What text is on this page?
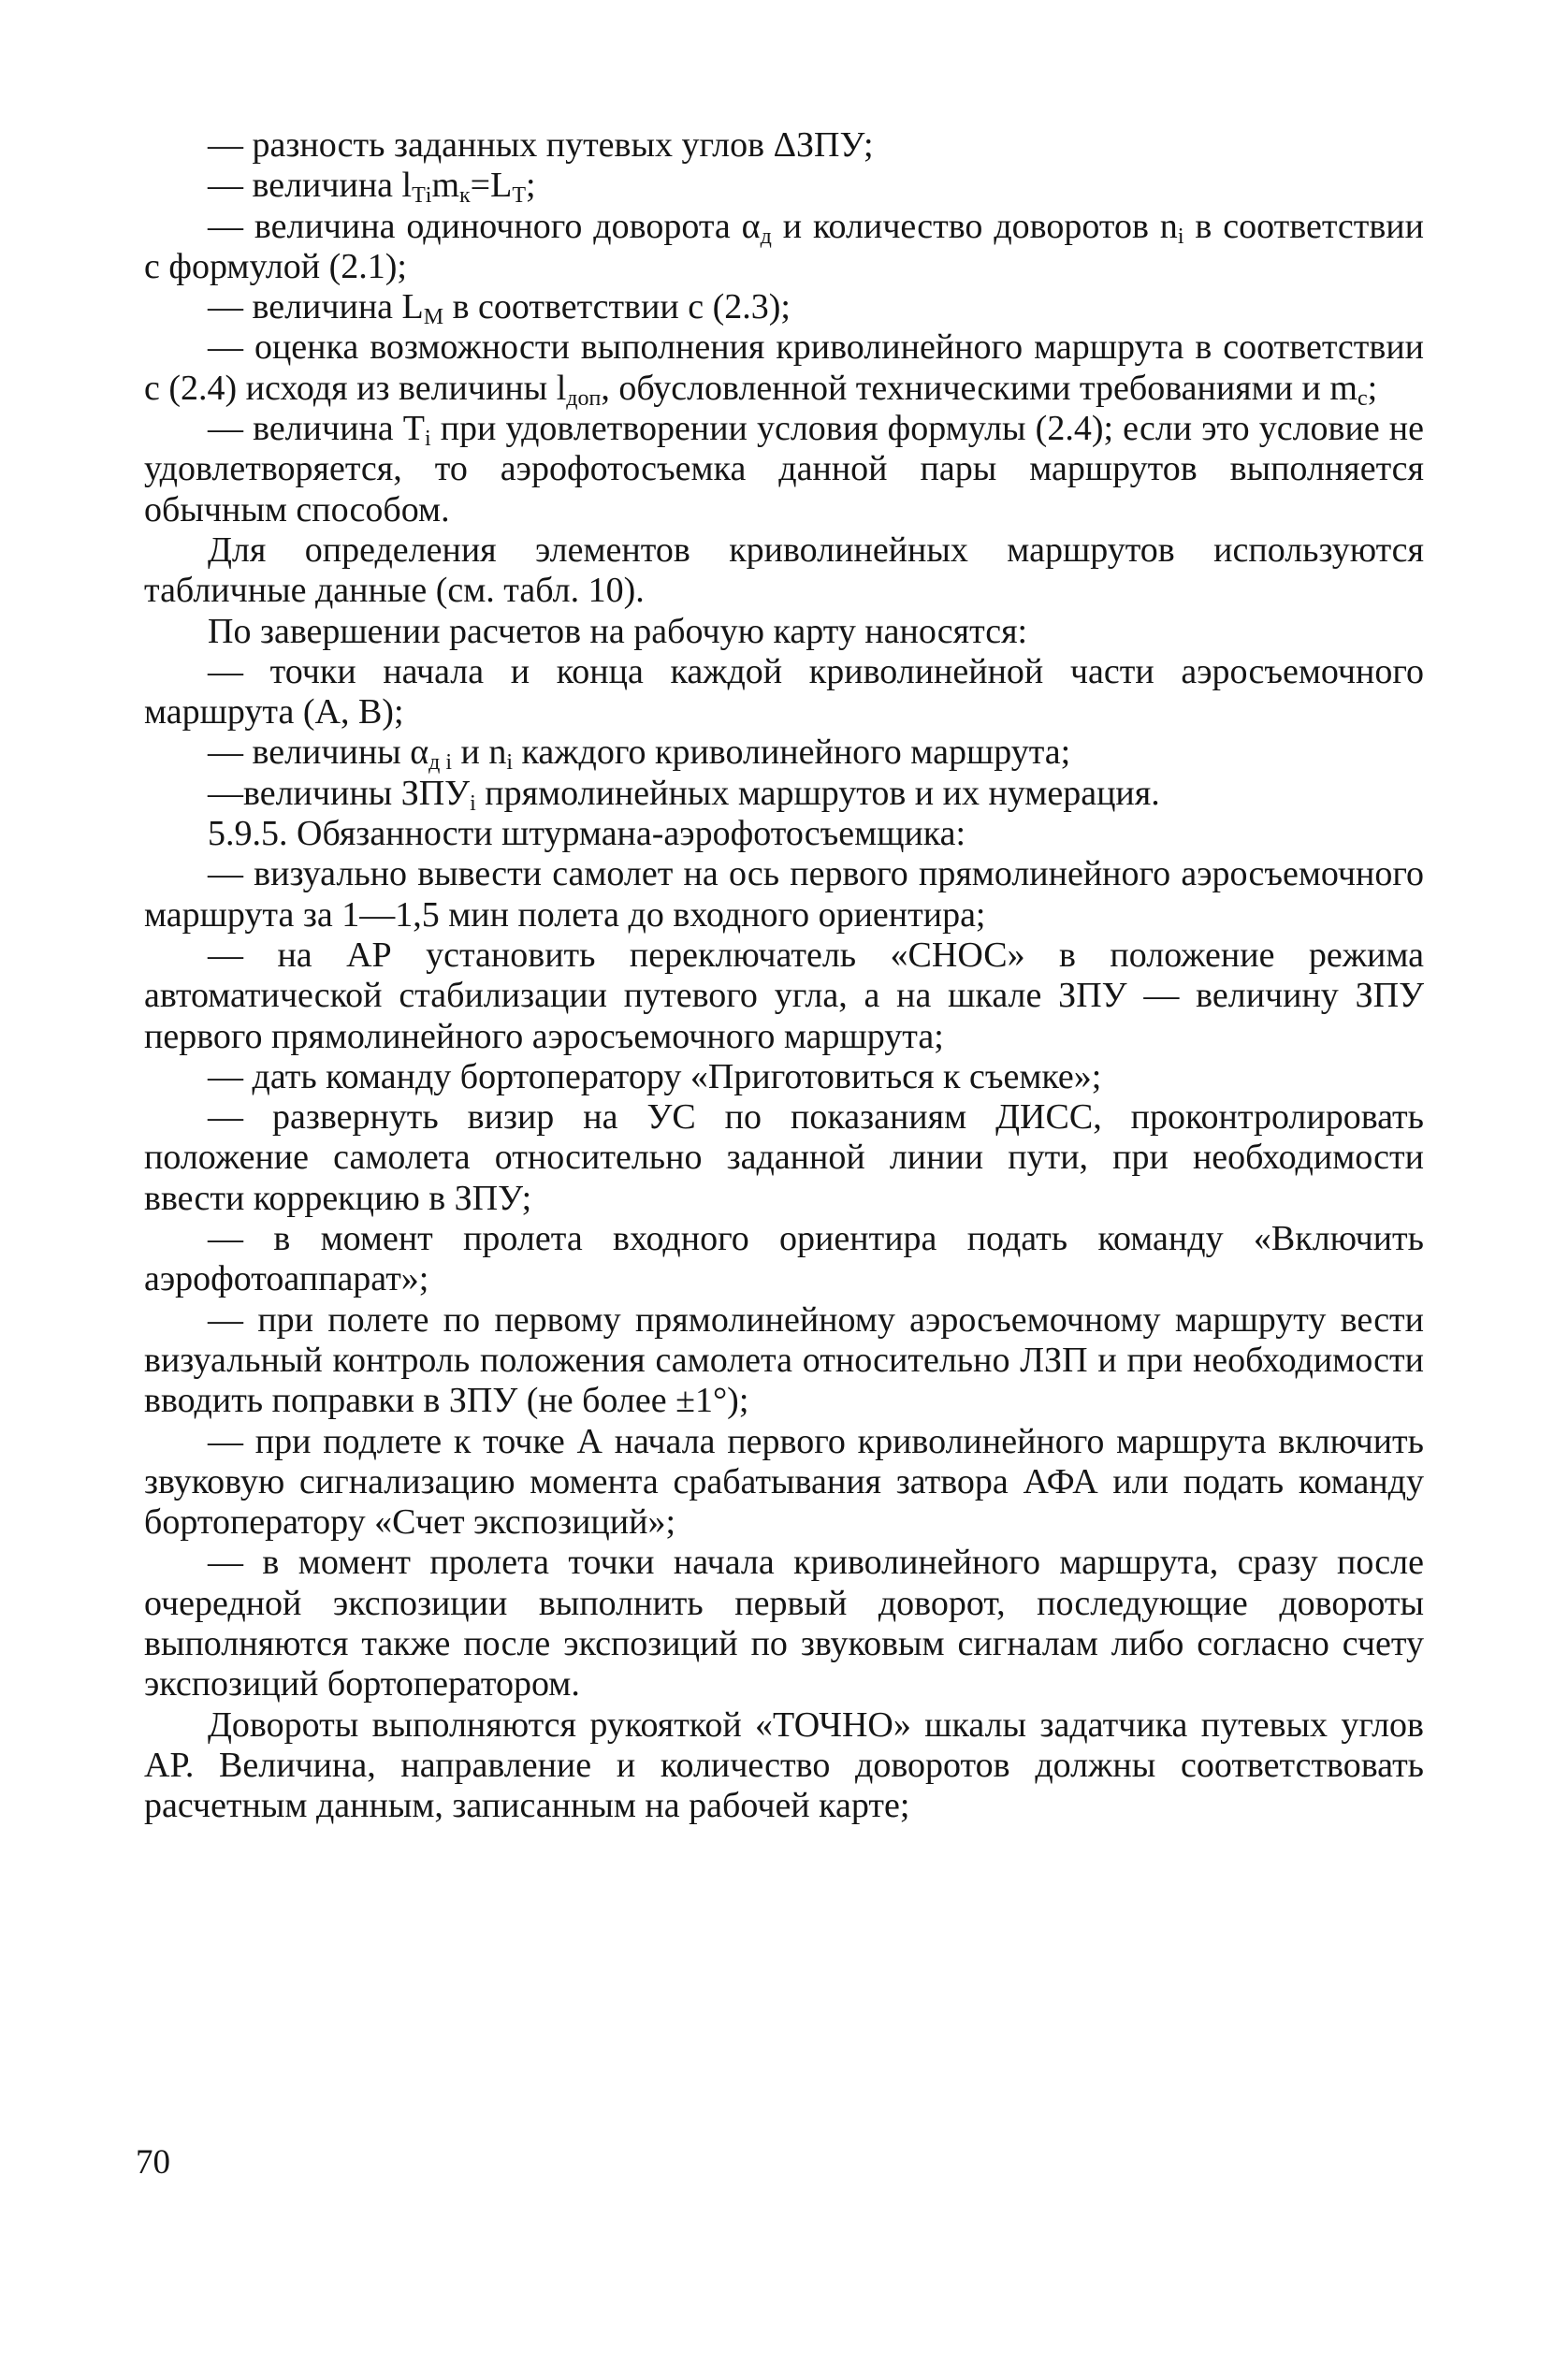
— разность заданных путевых углов ΔЗПУ;

— величина $l_{Тi}m_к=L_Т$;

— величина одиночного доворота $\alpha_д$ и количество доворотов $n_i$ в соответствии с формулой (2.1);

— величина $L_М$ в соответствии с (2.3);

— оценка возможности выполнения криволинейного маршрута в соответствии с (2.4) исходя из величины $l_{доп}$, обусловленной техническими требованиями и $m_с$;

— величина $T_i$ при удовлетворении условия формулы (2.4); если это условие не удовлетворяется, то аэрофотосъемка данной пары маршрутов выполняется обычным способом.

Для определения элементов криволинейных маршрутов используются табличные данные (см. табл. 10).

По завершении расчетов на рабочую карту наносятся:

— точки начала и конца каждой криволинейной части аэросъемочного маршрута (А, В);

— величины $\alpha_{д i}$ и $n_i$ каждого криволинейного маршрута;

—величины $ЗПУ_i$ прямолинейных маршрутов и их нумерация.

5.9.5. Обязанности штурмана-аэрофотосъемщика:

— визуально вывести самолет на ось первого прямолинейного аэросъемочного маршрута за 1—1,5 мин полета до входного ориентира;

— на АР установить переключатель «СНОС» в положение режима автоматической стабилизации путевого угла, а на шкале ЗПУ — величину ЗПУ первого прямолинейного аэросъемочного маршрута;

— дать команду бортоператору «Приготовиться к съемке»;

— развернуть визир на УС по показаниям ДИСС, проконтролировать положение самолета относительно заданной линии пути, при необходимости ввести коррекцию в ЗПУ;

— в момент пролета входного ориентира подать команду «Включить аэрофотоаппарат»;

— при полете по первому прямолинейному аэросъемочному маршруту вести визуальный контроль положения самолета относительно ЛЗП и при необходимости вводить поправки в ЗПУ (не более ±1°);

— при подлете к точке А начала первого криволинейного маршрута включить звуковую сигнализацию момента срабатывания затвора АФА или подать команду бортоператору «Счет экспозиций»;

— в момент пролета точки начала криволинейного маршрута, сразу после очередной экспозиции выполнить первый доворот, последующие довороты выполняются также после экспозиций по звуковым сигналам либо согласно счету экспозиций бортоператором.

Довороты выполняются рукояткой «ТОЧНО» шкалы задатчика путевых углов АР. Величина, направление и количество доворотов должны соответствовать расчетным данным, записанным на рабочей карте;

70
